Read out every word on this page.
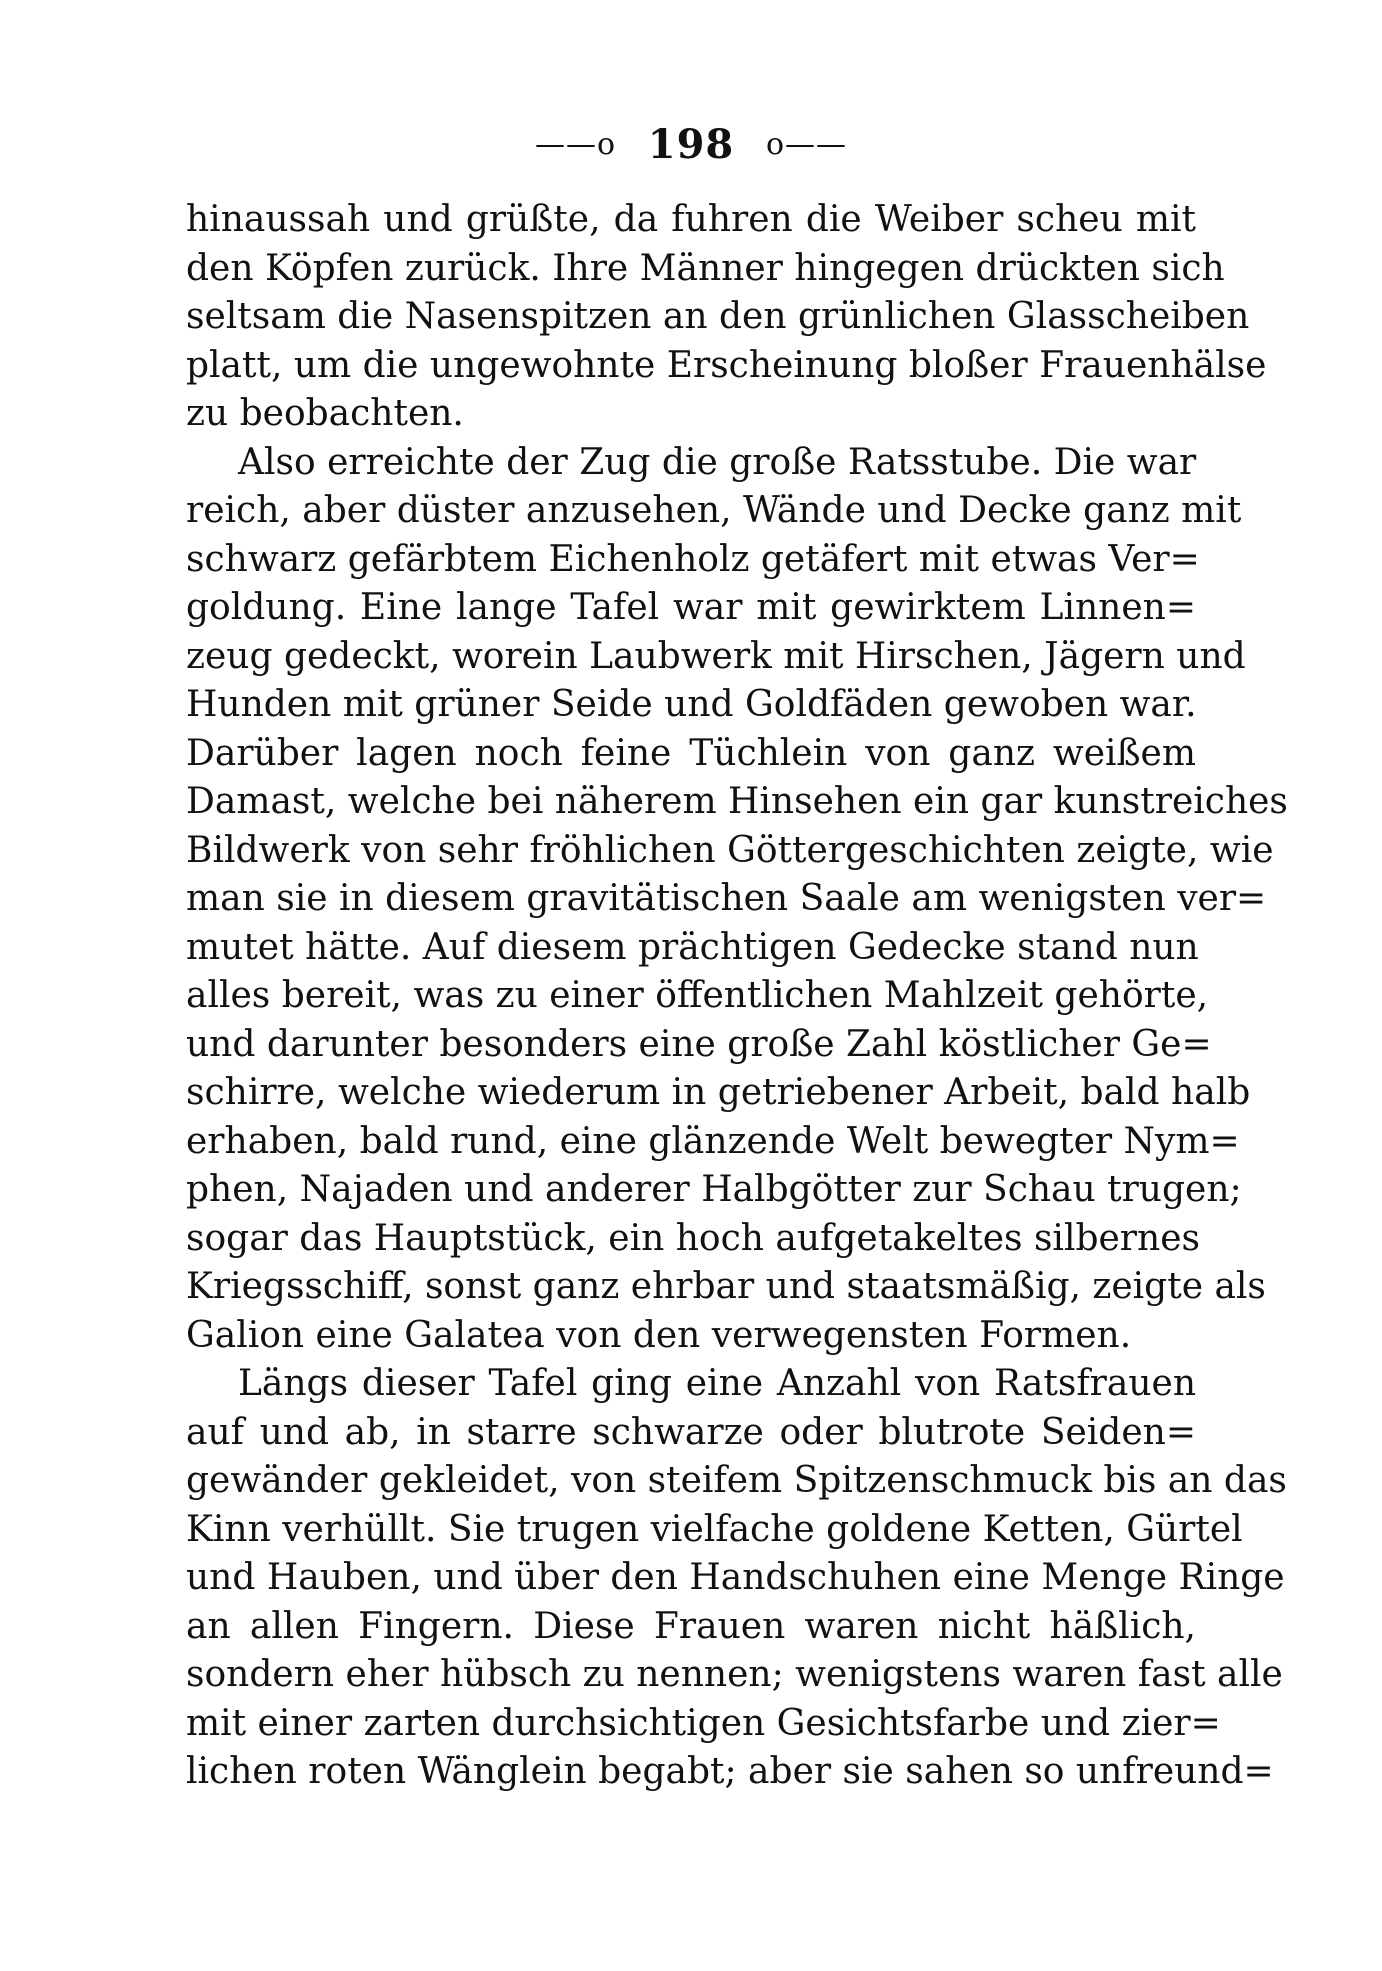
——o 198 o——
hinaussah und grüßte, da fuhren die Weiber scheu mit
den Köpfen zurück. Ihre Männer hingegen drückten sich
seltsam die Nasenspitzen an den grünlichen Glasscheiben
platt, um die ungewohnte Erscheinung bloßer Frauenhälse
zu beobachten.
Also erreichte der Zug die große Ratsstube. Die war
reich, aber düster anzusehen, Wände und Decke ganz mit
schwarz gefärbtem Eichenholz getäfert mit etwas Ver=
goldung. Eine lange Tafel war mit gewirktem Linnen=
zeug gedeckt, worein Laubwerk mit Hirschen, Jägern und
Hunden mit grüner Seide und Goldfäden gewoben war.
Darüber lagen noch feine Tüchlein von ganz weißem
Damast, welche bei näherem Hinsehen ein gar kunstreiches
Bildwerk von sehr fröhlichen Göttergeschichten zeigte, wie
man sie in diesem gravitätischen Saale am wenigsten ver=
mutet hätte. Auf diesem prächtigen Gedecke stand nun
alles bereit, was zu einer öffentlichen Mahlzeit gehörte,
und darunter besonders eine große Zahl köstlicher Ge=
schirre, welche wiederum in getriebener Arbeit, bald halb
erhaben, bald rund, eine glänzende Welt bewegter Nym=
phen, Najaden und anderer Halbgötter zur Schau trugen;
sogar das Hauptstück, ein hoch aufgetakeltes silbernes
Kriegsschiff, sonst ganz ehrbar und staatsmäßig, zeigte als
Galion eine Galatea von den verwegensten Formen.
Längs dieser Tafel ging eine Anzahl von Ratsfrauen
auf und ab, in starre schwarze oder blutrote Seiden=
gewänder gekleidet, von steifem Spitzenschmuck bis an das
Kinn verhüllt. Sie trugen vielfache goldene Ketten, Gürtel
und Hauben, und über den Handschuhen eine Menge Ringe
an allen Fingern. Diese Frauen waren nicht häßlich,
sondern eher hübsch zu nennen; wenigstens waren fast alle
mit einer zarten durchsichtigen Gesichtsfarbe und zier=
lichen roten Wänglein begabt; aber sie sahen so unfreund=
